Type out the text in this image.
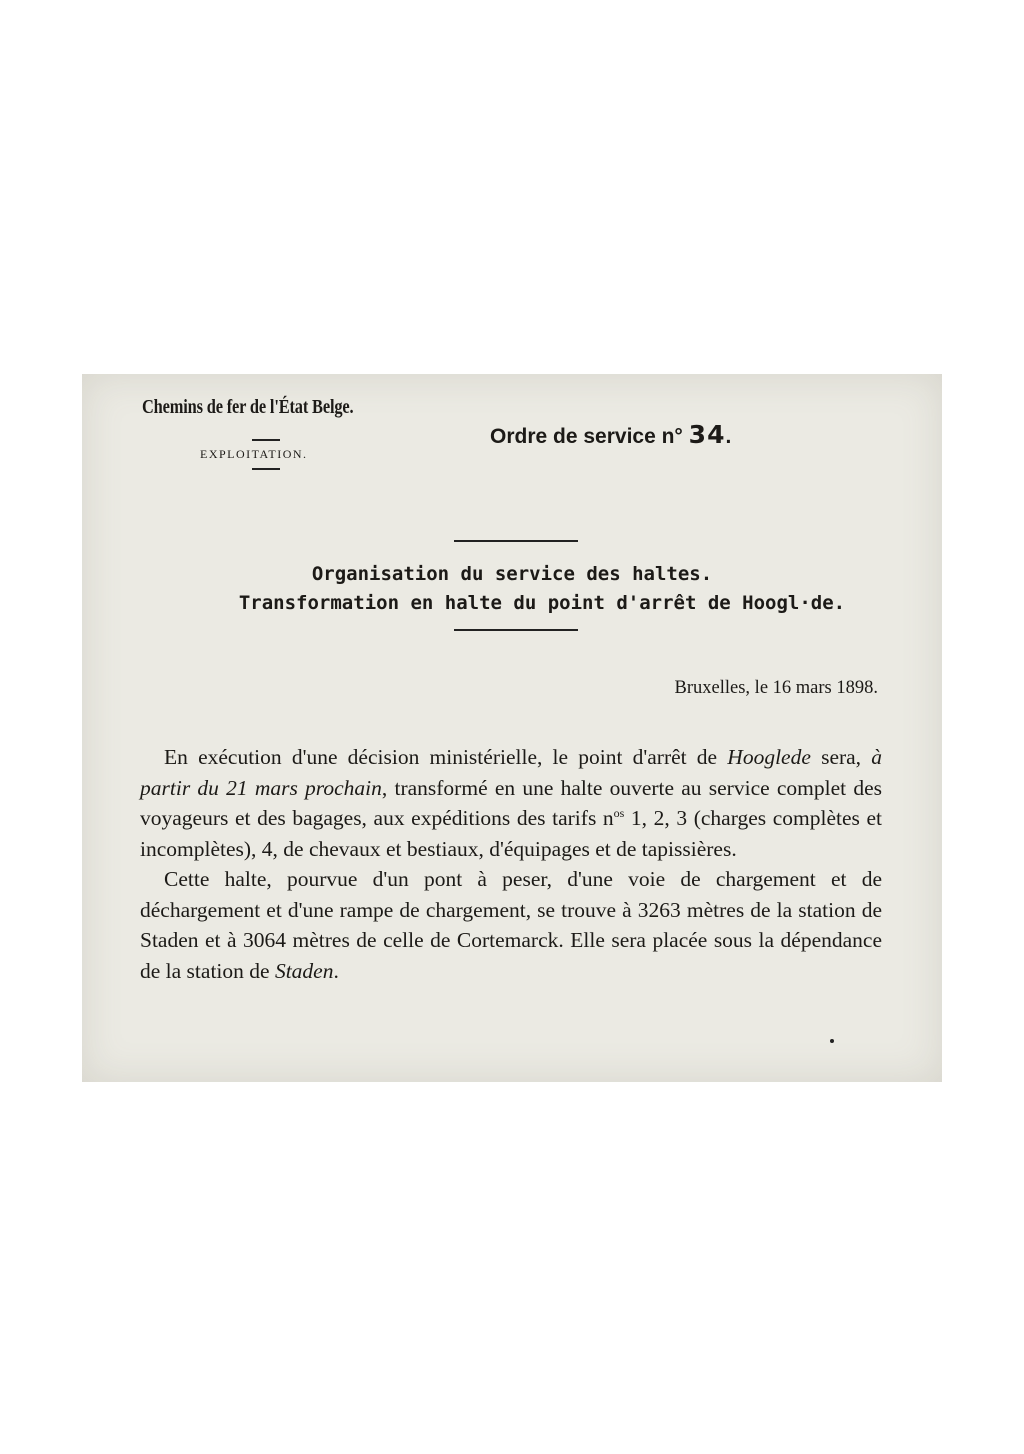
Chemins de fer de l'État Belge.
EXPLOITATION.
Ordre de service n° 34.
Organisation du service des haltes.
Transformation en halte du point d'arrêt de Hoogl·de.
Bruxelles, le 16 mars 1898.

En exécution d'une décision ministérielle, le point d'arrêt de Hooglede sera, à partir du 21 mars prochain, transformé en une halte ouverte au service complet des voyageurs et des bagages, aux expéditions des tarifs $n^{os}$ 1, 2, 3 (charges complètes et incomplètes), 4, de chevaux et bestiaux, d'équipages et de tapissières.

Cette halte, pourvue d'un pont à peser, d'une voie de chargement et de déchargement et d'une rampe de chargement, se trouve à 3263 mètres de la station de Staden et à 3064 mètres de celle de Cortemarck. Elle sera placée sous la dépendance de la station de Staden.
